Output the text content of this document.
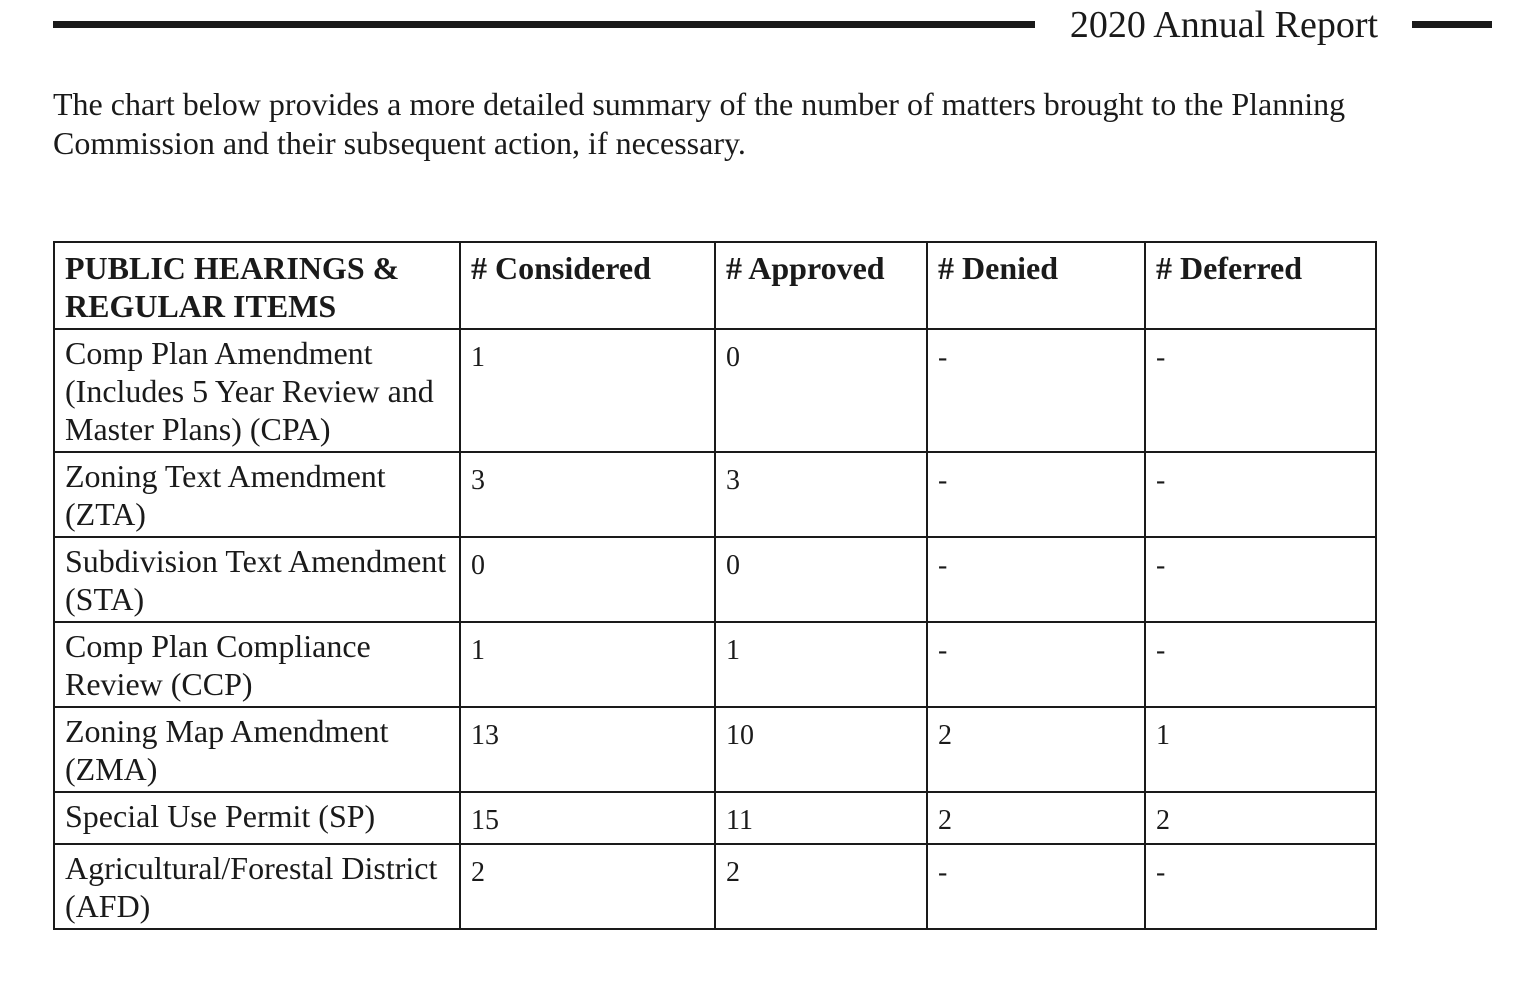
2020 Annual Report

The chart below provides a more detailed summary of the number of matters brought to the Planning Commission and their subsequent action, if necessary.

PUBLIC HEARINGS & REGULAR ITEMS	# Considered	# Approved	# Denied	# Deferred
Comp Plan Amendment (Includes 5 Year Review and Master Plans) (CPA)	1	0	-	-
Zoning Text Amendment (ZTA)	3	3	-	-
Subdivision Text Amendment (STA)	0	0	-	-
Comp Plan Compliance Review (CCP)	1	1	-	-
Zoning Map Amendment (ZMA)	13	10	2	1
Special Use Permit (SP)	15	11	2	2
Agricultural/Forestal District (AFD)	2	2	-	-
